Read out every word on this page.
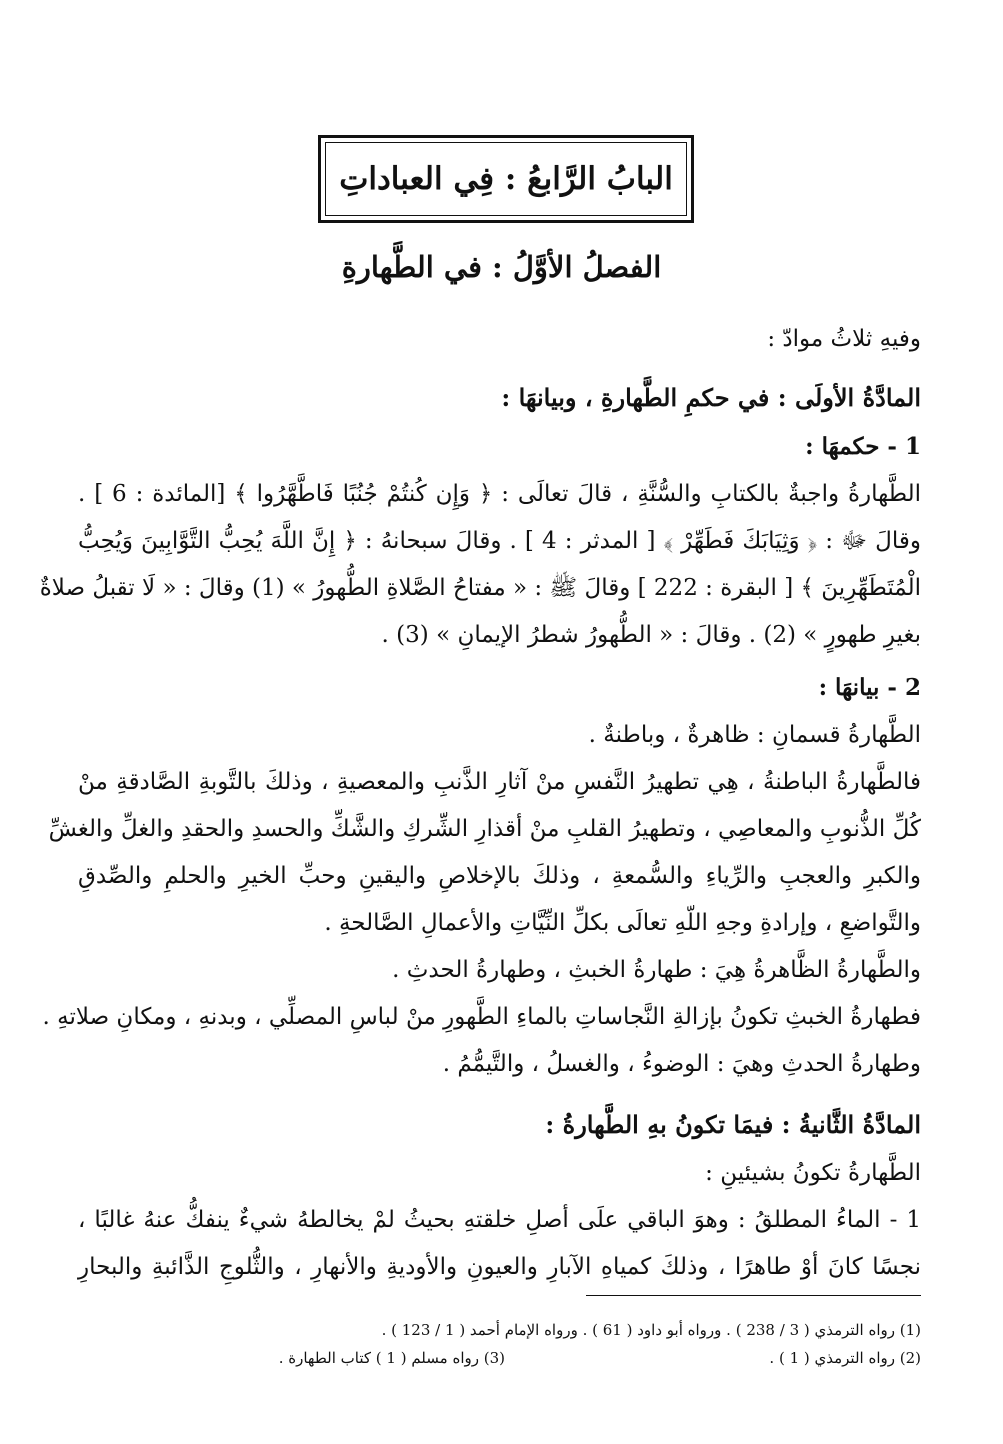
البابُ الرَّابعُ : فِي العباداتِ
الفصلُ الأوَّلُ : في الطَّهارةِ
وفيهِ ثلاثُ موادّ :
المادَّةُ الأولَى : في حكمِ الطَّهارةِ ، وبيانهَا :
1 - حكمهَا :
الطَّهارةُ واجبةٌ بالكتابِ والسُّنَّةِ ، قالَ تعالَى : ﴿ وَإِن كُنتُمْ جُنُبًا فَاطَّهَّرُوا ﴾ [المائدة : 6 ] .
وقالَ ﷻ : ﴿ وَثِيَابَكَ فَطَهِّرْ ﴾ [ المدثر : 4 ] . وقالَ سبحانهُ : ﴿ إِنَّ اللَّهَ يُحِبُّ التَّوَّابِينَ وَيُحِبُّ
الْمُتَطَهِّرِينَ ﴾ [ البقرة : 222 ] وقالَ ﷺ : « مفتاحُ الصَّلاةِ الطُّهورُ » (1) وقالَ : « لَا تقبلُ صلاةٌ
بغيرِ طهورٍ » (2) . وقالَ : « الطُّهورُ شطرُ الإيمانِ » (3) .
2 - بيانهَا :
الطَّهارةُ قسمانِ : ظاهرةٌ ، وباطنةٌ .
فالطَّهارةُ الباطنةُ ، هِي تطهيرُ النَّفسِ منْ آثارِ الذَّنبِ والمعصيةِ ، وذلكَ بالتَّوبةِ الصَّادقةِ منْ
كُلِّ الذُّنوبِ والمعاصِي ، وتطهيرُ القلبِ منْ أقذارِ الشِّركِ والشَّكِّ والحسدِ والحقدِ والغلِّ والغشِّ
والكبرِ والعجبِ والرِّياءِ والسُّمعةِ ، وذلكَ بالإخلاصِ واليقينِ وحبِّ الخيرِ والحلمِ والصِّدقِ
والتَّواضعِ ، وإرادةِ وجهِ اللّهِ تعالَى بكلِّ النِّيَّاتِ والأعمالِ الصَّالحةِ .
والطَّهارةُ الظَّاهرةُ هِيَ : طهارةُ الخبثِ ، وطهارةُ الحدثِ .
فطهارةُ الخبثِ تكونُ بإزالةِ النَّجاساتِ بالماءِ الطَّهورِ منْ لباسِ المصلِّي ، وبدنهِ ، ومكانِ صلاتهِ .
وطهارةُ الحدثِ وهيَ : الوضوءُ ، والغسلُ ، والتَّيمُّمُ .
المادَّةُ الثَّانيةُ : فيمَا تكونُ بهِ الطَّهارةُ :
الطَّهارةُ تكونُ بشيئينِ :
1 - الماءُ المطلقُ : وهوَ الباقي علَى أصلِ خلقتهِ بحيثُ لمْ يخالطهُ شيءٌ ينفكُّ عنهُ غالبًا ،
نجسًا كانَ أوْ طاهرًا ، وذلكَ كمياهِ الآبارِ والعيونِ والأوديةِ والأنهارِ ، والثُّلوجِ الذَّائبةِ والبحارِ
(1) رواه الترمذي ( 3 / 238 ) . ورواه أبو داود ( 61 ) . ورواه الإمام أحمد ( 1 / 123 ) .
(2) رواه الترمذي ( 1 ) .
(3) رواه مسلم ( 1 ) كتاب الطهارة .
